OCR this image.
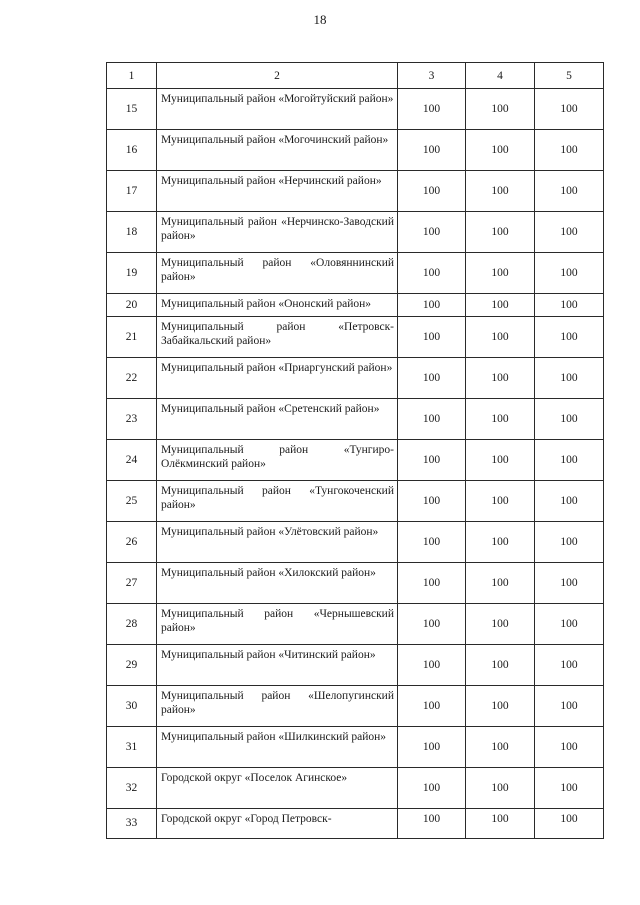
18
1	2	3	4	5
15	Муниципальный район «Могойтуйский район»	100	100	100
16	Муниципальный район «Могочинский район»	100	100	100
17	Муниципальный район «Нерчинский район»	100	100	100
18	Муниципальный район «Нерчинско-Заводский район»	100	100	100
19	Муниципальный район «Оловяннинский район»	100	100	100
20	Муниципальный район «Ононский район»	100	100	100
21	Муниципальный район «Петровск-Забайкальский район»	100	100	100
22	Муниципальный район «Приаргунский район»	100	100	100
23	Муниципальный район «Сретенский район»	100	100	100
24	Муниципальный район «Тунгиро-Олёкминский район»	100	100	100
25	Муниципальный район «Тунгокоченский район»	100	100	100
26	Муниципальный район «Улётовский район»	100	100	100
27	Муниципальный район «Хилокский район»	100	100	100
28	Муниципальный район «Чернышевский район»	100	100	100
29	Муниципальный район «Читинский район»	100	100	100
30	Муниципальный район «Шелопугинский район»	100	100	100
31	Муниципальный район «Шилкинский район»	100	100	100
32	Городской округ «Поселок Агинское»	100	100	100
33	Городской округ «Город Петровск-	100	100	100
